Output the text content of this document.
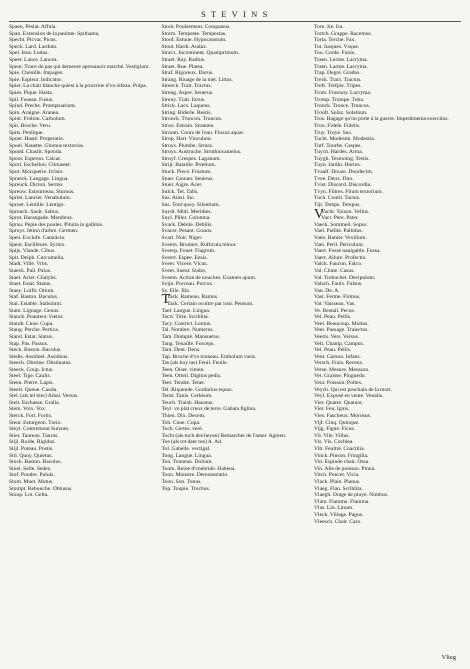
S T E V I N S

Spaen, Pèslat. Affula.

Span. Extension de la paulme. Spithama.

Specht. Picvar. Picus.

Speck. Lard. Lardum.

Spel. Ieus. Ludus.

Speer. Lance. Lancea.

Speur. Trace du pas qui demeure apresauoir marché. Vestigium.

Spie. Cheuille. Impages.

Spie. Espieur. Indicator.

Spier. La chair blanche quiest à la poictrine d'vn oifeau. Pulpa.

Spies. Pique. Hasta.

Spil. Fuseau. Fusus.

Spind. Preche. Promptuarium.

Spin. Araigne. Aranea.

Spint. Frobon. Carbolum.

Spit. Broche. Veru.

Spits. Penlique.

Spoet. Hasté. Properatio.

Spoel. Nauette. Glomus textorius.

Spond. Chaslit. Sponda.

Spoor. Esperon. Calcar.

Sport. Eschellon. Climaster.

Spot. Mocquerie. Irrisio.

Spraeck. Langage. Lingua.

Spreuck. Dicton. Sermo.

Spreuw. Estourneau. Sturnus.

Spriet. Lancier. Venabulum.

Sproet. Lentille. Lentigo.

Spronck. Sault. Saltus.

Sprot. Harangade. Membras.

Sprau. Pepie des poules. Pituita in gallinis.

Spruyt. Jetton d'arbre. Germen.

Speu. Exclufe. Catarácta.

Speut. Esclifeure. Syrinx.

Spijs. Viande. Cibus.

Spit. Deiph. Curcumella.

Stadt. Ville. Vrbs.

Staeck. Pail. Palus.

Stael. Acier. Chalybs.

Staet. Estat. Status.

Staey. Loifir. Otium.

Staf. Baston. Baculus.

Stal. Estable. Stabulum.

Stam. Lignage. Genus.

Stanck. Puanteur. Fœtor.

Standt. Cuue. Cupa.

Stang. Perche. Pertica.

Stand. Estat. Status.

Stap. Pas. Passus.

Steck. Baston. Baculus.

Stedis. Assiduel. Assiduus.

Steech. Obstine. Obstinatus.

Steeck. Coup. Ictus.

Steel. Tige. Caulis.

Steen. Pierre. Lapis.

Steert. Queue. Cauda.

Stel. (als tel hier) Ainsi. Versus.

Stelt. Eschasse. Grallа.

Stem. Voix. Vox.

Sterck. Fort. Fortis.

Steur. Esturgeon. Turio.

Steyl. Contremont Sursum.

Stier. Taureau. Taurus.

Stijl. Roide. Rigidus.

Stijl. Poteau. Postis.

Stil. Quoy. Quietus.

Stock. Baston. Baculus.

Stoel. Selle. Sedes.

Stof. Poudre. Puluis.

Stom. Muet. Mutus.

Stompt. Rebouche. Obtusus.

Stoop. Lot. Gelta.

Stoot. Poulsement. Conquasus.

Storm. Tempeste. Tempestas.

Stoof. Estuue. Hypocaustum.

Stout. Hardi. Audax.

Stracx. Incontinent. Quamprimum.

Strael. Ray. Radius.

Straet. Rue. Platea.

Straf. Rigoreux. Durus.

Strang. Riuage de la mer. Littus.

Streeck. Trait. Tractus.

Streng. Aspre. Seuerus.

Streuy. Trait. Iictus.

Strick. Lacs. Laqueus.

String. Riderle. Restis.

Stronck. Troncon. Truncus.

Stroo. Estrain. Stramen.

Stroom. Cours de l'eau. Fluxus aquæ.

Strop. Hart. Vinculum.

Struys. Plumbe. Strura.

Struys. Austruche. Struthiocamelus.

Struyf. Crespes. Laganum.

Strijt. Bataille. Prœlium.

Stuck. Piece. Frustum.

Stuer. Gouuer. Seuerus.

Stuer. Aigre. Acer.

Sulck. Tel. Talis.

Sus. Ainsi. Sic.

Sus. Tout quoy. Silentium.

Suydt. Midi. Meridies.

Suyl. Piller. Columna.

Svack. Debile. Debilis.

Svacer. Pesant. Grauis.

Svart. Noir. Niger.

Sveem. Brodure. Rufticula minor.

Sveerp. Fouet. Flagrum.

Sveert. Espee. Ensis.

Sveer. Vicere. Vlcus.

Sveet. Sueur. Sudor.

Sveem. Action de nouches. Examen apum.

Svijn. Porceau. Porcus.

Sy. Elle. Illa.

T

Tack. Rameau. Ramus.

Tack. Certain ocultre par iour. Pensum.

Tael. Langue. Lingua.

Tacrt. Tirte. Scriblita.

Tacy. Costrict. Lentus.

Tal. Nombre. Numerus.

Tam. Dompté. Mansuetus.

Tang. Tenaille. Forceps.

Tant. Dent. Dens.

Tap. Broche d'vn tonneau. Embolum vasis.

Tas (als hoy tas) Fenil. Fenile.

Teen. Oiser. vimen.

Teen. Orteil. Digitus pedis.

Teer. Tendre. Tener.

Tel. Riquende. Gradarius equus.

Tenst. Tanis. Cerbeum.

Teuch. Traish. Haustus.

Teyl. vn plat creux de terre. Gabata figlina.

Thien. Dix. Decem.

Tob. Cuue. Cupa.

Toch. Certes. verè.

Tocht (als toch des heyen) Remarcher de l'amer. Agmen.

Toe (als tot daer toe) A. Ad.

Tol. Gabelle. vectigal.

Tong. Langue. Lingua.

Ton. Tonneau. Dolium.

Toom. Reine d'vnebride. Habena.

Toon. Monstre. Demonstratio.

Toon. Son. Tonus.

Top. Toupie. Trochus.

Torn. Ire. Ira.

Tortch. Grappe. Racemus.

Torta. Terche. Fax.

Tot. Iusques. Vsque.

Tou. Corde. Funis.

Traen. Lerme. Lacryma.

Traen. Larme. Lacryma.

Trap. Degré. Gradus.

Treck. Tract. Tractus.

Treft. Trefpie. Tripes.

Trom. Fouruoy. Lacryma.

Tromp. Trompe. Tuba.

Tronck. Tronce. Truncus.

Trooft. Solaz. Solatium.

Tros. Bagage qu'on porte à la guerre. Impedimenta exercitus.

Trou. Fidele. Fidelis.

Truy. Truye. Sus.

Tucht. Modestie. Modestia.

Turf. Tourbe. Cespes.

Tuych. Hardes. Arma.

Tuygh. Tesmoing. Testis.

Tuyn. Jardin. Hortus.

Tvaalf. Douze. Duodecim.

Tvee. Deux. Duo.

Tvist. Discord. Discordia.

Tvyn. Filtres. Filum textorium.

Tuch. Coutil. Tactus.

Tijt. Temps. Tempus.

V

Vacht. Toison. Vellus.

Vacr. Pere. Pater.

Vaeck. Sommeil. Sopor.

Vael. Pallite. Pallidus.

Vaen. Banier. Vexillum.

Vaer. Peril. Periculum.

Vaert. Fosse nauigable. Fossa.

Vaert. Allure. Profectio.

Valck. Faucon. Falco.

Val. Chute. Casus.

Val. Trebuchet. Decipulum.

Valsch. Faulx. Falsus.

Van. De. A.

Vast. Ferme. Firmus.

Vat. Vaisseau. Vas.

Ve. Bestail. Pecus.

Vel. Peau. Pellis.

Veel. Beaucoup. Multus.

Veer. Passage. Traiectus.

Veerts. Vers. Versus.

Velt. Champ. Campus.

Vel. Peau. Pellis.

Vent. Garson. Infans.

Versch. Frais. Recens.

Verse. Mesure. Mensura.

Vet. Graisse. Pinguedo.

Veur. Poisson. Pollex.

Veych. Qui est prochain de la mort.

Veyl. Exposé en vente. Venalis.

Vier. Quatre. Quatuor.

Vier. Feu. Ignis.

Vies. Fascheux. Morosus.

Vijf. Cinq. Quinque.

Vijg. Figue. Ficus.

Vil. Vile. Villus.

Vis. Vis. Cochlea.

Vilt. Feultre. Coactilia.

Vinck. Pinson. Fringilla.

Vin. Espinde chair. Ossa.

Vin. Alle de poisson. Pinna.

Vitch. Poncet. Vicia.

Vlack. Plain. Planus.

Vlaeg. Flan. Scriblita.

Vlaegh. Orage de pluye. Nimbus.

Vlam. Flamme. Flamma.

Vlas. Lin. Linum.

Vleck. Village. Pagus.

Vleesch. Chair. Caro.

Vlieg
